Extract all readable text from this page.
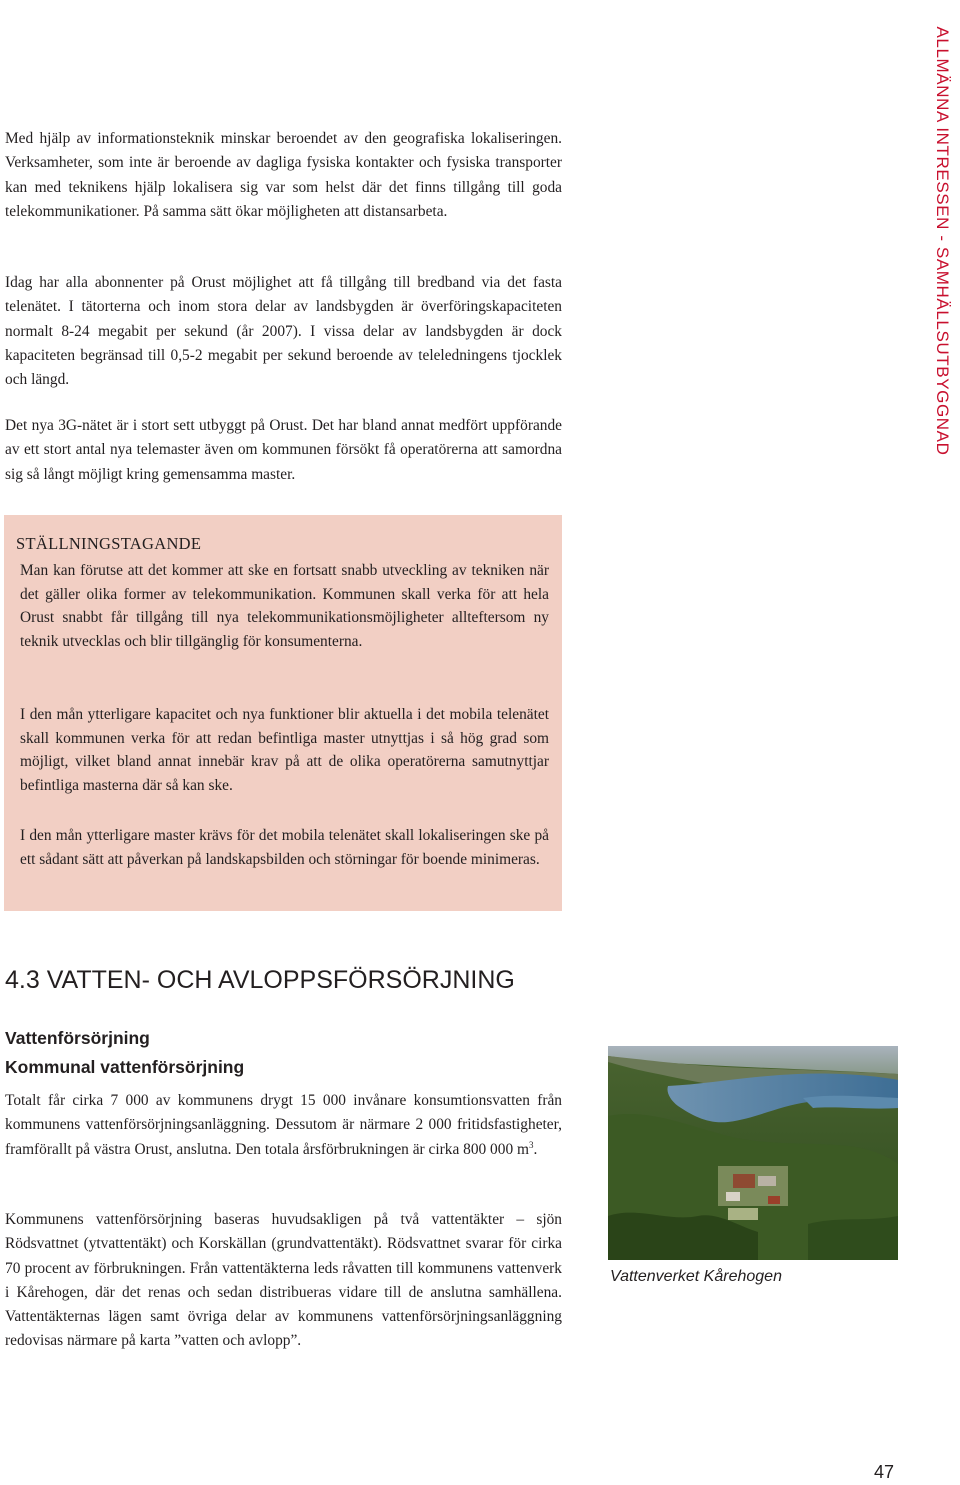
ALLMÄNNA INTRESSEN - SAMHÄLLSUTBYGGNAD

Med hjälp av informationsteknik minskar beroendet av den geografiska lokaliseringen. Verksamheter, som inte är beroende av dagliga fysiska kontakter och fysiska transporter kan med teknikens hjälp lokalisera sig var som helst där det finns tillgång till goda telekommunikationer. På samma sätt ökar möjligheten att distansarbeta.

Idag har alla abonnenter på Orust möjlighet att få tillgång till bredband via det fasta telenätet. I tätorterna och inom stora delar av landsbygden är överföringskapaciteten normalt 8-24 megabit per sekund (år 2007). I vissa delar av landsbygden är dock kapaciteten begränsad till 0,5-2 megabit per sekund beroende av teleledningens tjocklek och längd.

Det nya 3G-nätet är i stort sett utbyggt på Orust. Det har bland annat medfört uppförande av ett stort antal nya telemaster även om kommunen försökt få operatörerna att samordna sig så långt möjligt kring gemensamma master.

STÄLLNINGSTAGANDE

Man kan förutse att det kommer att ske en fortsatt snabb utveckling av tekniken när det gäller olika former av telekommunikation. Kommunen skall verka för att hela Orust snabbt får tillgång till nya telekommunikationsmöjligheter allteftersom ny teknik utvecklas och blir tillgänglig för konsumenterna.

I den mån ytterligare kapacitet och nya funktioner blir aktuella i det mobila telenätet skall kommunen verka för att redan befintliga master utnyttjas i så hög grad som möjligt, vilket bland annat innebär krav på att de olika operatörerna samutnyttjar befintliga masterna där så kan ske.

I den mån ytterligare master krävs för det mobila telenätet skall lokaliseringen ske på ett sådant sätt att påverkan på landskapsbilden och störningar för boende minimeras.

4.3 VATTEN- OCH AVLOPPSFÖRSÖRJNING
Vattenförsörjning
Kommunal vattenförsörjning

Totalt får cirka 7 000 av kommunens drygt 15 000 invånare konsumtionsvatten från kommunens vattenförsörjningsanläggning. Dessutom är närmare 2 000 fritidsfastigheter, framförallt på västra Orust, anslutna. Den totala årsförbrukningen är cirka 800 000 $m^3$.

Kommunens vattenförsörjning baseras huvudsakligen på två vattentäkter – sjön Rödsvattnet (ytvattentäkt) och Korskällan (grundvattentäkt). Rödsvattnet svarar för cirka 70 procent av förbrukningen. Från vattentäkterna leds råvatten till kommunens vattenverk i Kårehogen, där det renas och sedan distribueras vidare till de anslutna samhällena. Vattentäkternas lägen samt övriga delar av kommunens vattenförsörjningsanläggning redovisas närmare på karta ”vatten och avlopp”.

Vattenverket Kårehogen
47
